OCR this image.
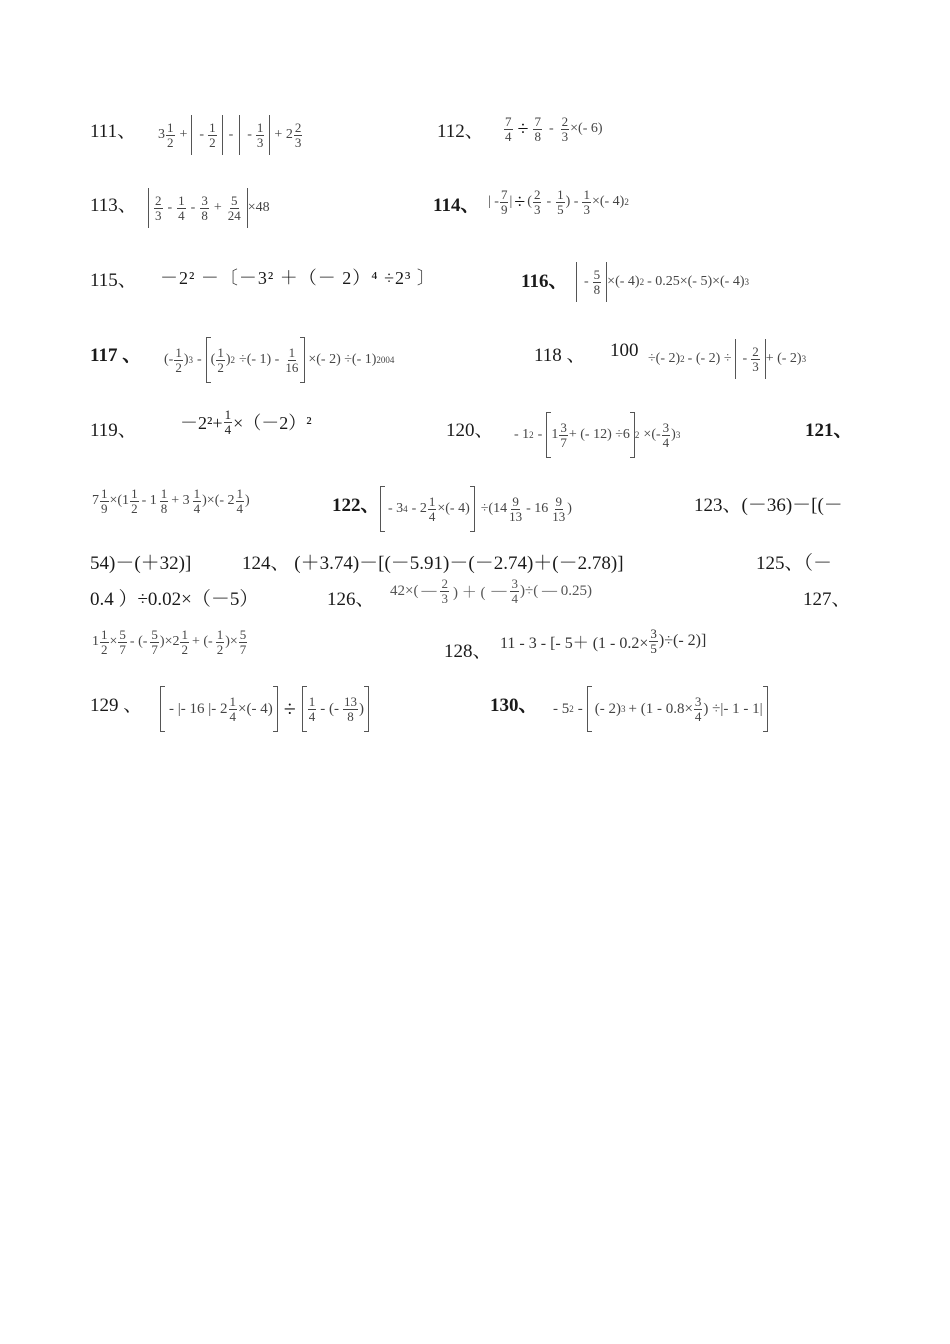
111、 $3 \frac{1}{2}$ + - $\frac{1}{2}$ - - $\frac{1}{3} + 2 \frac{2}{3}$	112、 $\frac{7}{4} \div \frac{7}{8} - \frac{2}{3}$ ×(- 6)
113、 $\frac{2}{3} - \frac{1}{4} - \frac{3}{8} + \frac{5}{24} \times 48$	114、 | - $\frac{7}{9}$ | ÷ ( $\frac{2}{3} - \frac{1}{5}$ ) - $\frac{1}{3}$ ×(- 4) 2
115、 －2² －〔－3² ＋（－ 2）⁴ ÷2³ 〕	116、 - $\frac{5}{8}$ ×(- 4) 2 - 0.25×(- 5)×(- 4) 3
117 、 (- $\frac{1}{2}$ ) 3 - ( $\frac{1}{2}$ ) 2 ÷(- $1) - \frac{1}{16}$ ×(- 2) ÷(- 1) 2004	118 、 100 ÷(- 2) 2 - (- 2) ÷ - $\frac{2}{3}$ + (- 2) 3
119、 $-2^2+ \frac{1}{4} \times(-2)^2$	120、 - 1 $2 - 1 \frac{3}{7}$ + (- 12) ÷6 2 ×(- $\frac{3}{4}$ ) 3	121、
$7 \frac{1}{9} \times(1 \frac{1}{2} - 1 \frac{1}{8} + 3 \frac{1}{4}$ )×(- $2 \frac{1}{4}$ )	122、 - 3 $4 - 2 \frac{1}{4}$ ×(- $4) \div(14 \frac{9}{13} - 16 \frac{9}{13}$ )	123、(－36)－[(－
54)－(＋32)]	124、 (＋3.74)－[(－5.91)－(－2.74)＋(－2.78)]	125、（－
0.4 ）÷0.02×（－5）	126、 42×( — $\frac{2}{3}$ ) ＋ ( — $\frac{3}{4}$ )÷( — 0.25)	127、
$1 \frac{1}{2} \times \frac{5}{7}$ - (- $\frac{5}{7} )\times 2 \frac{1}{2}$ + (- $\frac{1}{2}$ )× $\frac{5}{7}$	128、 11 - 3 - [- $5+ (1 - 0.2\times \frac{3}{5}$ )÷(- 2)]
129 、 - |- 16 |- $2 \frac{1}{4}$ ×(- $4) \div \frac{1}{4}$ - (- $\frac{13}{8}$ )	130、 - 5 2 - (- 2) $3 + (1 - 0.8\times \frac{3}{4}$ ) ÷|- 1 - 1|
